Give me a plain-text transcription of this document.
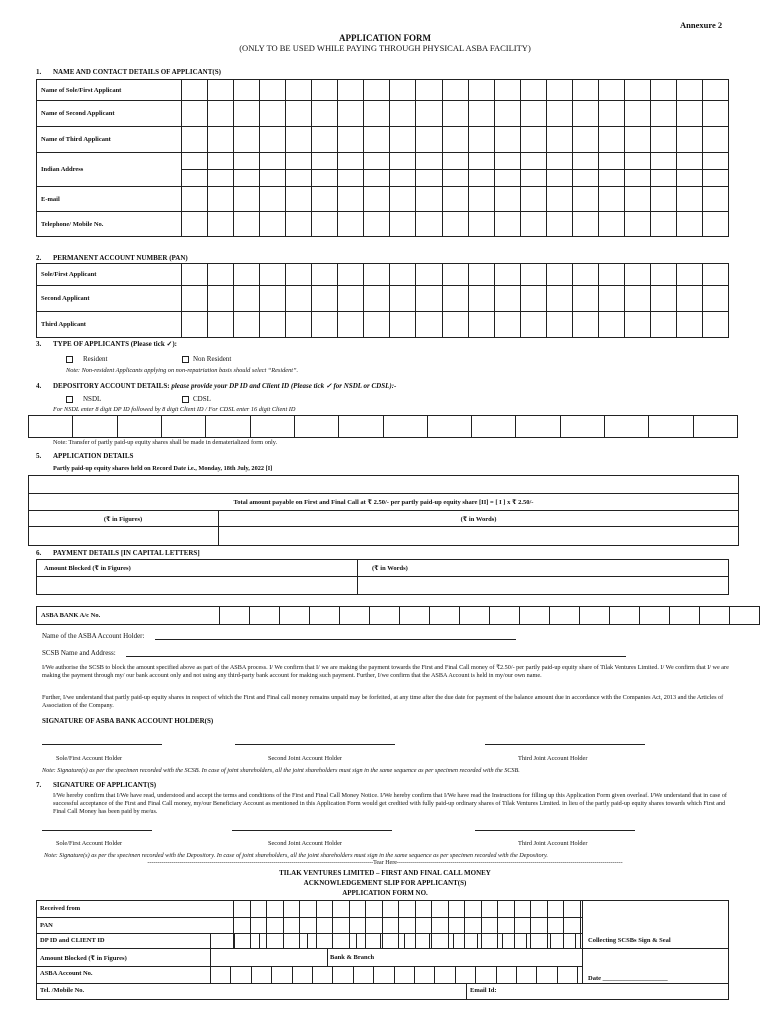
Annexure 2
APPLICATION FORM
(ONLY TO BE USED WHILE PAYING THROUGH PHYSICAL ASBA FACILITY)
1. NAME AND CONTACT DETAILS OF APPLICANT(S)
Name of Sole/First Applicant																					
Name of Second Applicant																					
Name of Third Applicant																					
Indian Address																					

E-mail																					
Telephone/ Mobile No.																					
2. PERMANENT ACCOUNT NUMBER (PAN)
Sole/First Applicant																					
Second Applicant																					
Third Applicant																					
3. TYPE OF APPLICANTS (Please tick ✓):
Resident	Non Resident
Note: Non-resident Applicants applying on non-repatriation basis should select “Resident”.
4. DEPOSITORY ACCOUNT DETAILS: please provide your DP ID and Client ID (Please tick ✓ for NSDL or CDSL):-
NSDL	CDSL
For NSDL enter 8 digit DP ID followed by 8 digit Client ID / For CDSL enter 16 digit Client ID

Note: Transfer of partly paid-up equity shares shall be made in dematerialized form only.
5. APPLICATION DETAILS
Partly paid-up equity shares held on Record Date i.e., Monday, 18th July, 2022 [I]
Total amount payable on First and Final Call at ₹ 2.50/- per partly paid-up equity share [II] = [ I ] x ₹ 2.50/-
(₹ in Figures)	(₹ in Words)
6. PAYMENT DETAILS [IN CAPITAL LETTERS]
Amount Blocked (₹ in Figures)	(₹ in Words)
ASBA BANK A/c No.																		
Name of the ASBA Account Holder:
SCSB Name and Address:
I/We authorise the SCSB to block the amount specified above as part of the ASBA process. I/ We confirm that I/ we are making the payment towards the First and Final Call money of ₹2.50/- per partly paid-up equity share of Tilak Ventures Limited. I/ We confirm that I/ we are making the payment through my/ our bank account only and not using any third-party bank account for making such payment. Further, I/we confirm that the ASBA Account is held in my/our own name.
Further, I/we understand that partly paid-up equity shares in respect of which the First and Final call money remains unpaid may be forfeited, at any time after the due date for payment of the balance amount due in accordance with the Companies Act, 2013 and the Articles of Association of the Company.
SIGNATURE OF ASBA BANK ACCOUNT HOLDER(S)
Sole/First Account Holder	Second Joint Account Holder	Third Joint Account Holder
Note: Signature(s) as per the specimen recorded with the SCSB. In case of joint shareholders, all the joint shareholders must sign in the same sequence as per specimen recorded with the SCSB.
7. SIGNATURE OF APPLICANT(S)
I/We hereby confirm that I/We have read, understood and accept the terms and conditions of the First and Final Call Money Notice. I/We hereby confirm that I/We have read the Instructions for filling up this Application Form given overleaf. I/We understand that in case of successful acceptance of the First and Final Call money, my/our Beneficiary Account as mentioned in this Application Form would get credited with fully paid-up ordinary shares of Tilak Ventures Limited. in lieu of the partly paid-up equity shares towards which First and Final Call Money has been paid by me/us.
Sole/First Account Holder	Second Joint Account Holder	Third Joint Account Holder
Note: Signature(s) as per the specimen recorded with the Depository. In case of joint shareholders, all the joint shareholders must sign in the same sequence as per specimen recorded with the Depository.
-----------------------------------------------------------------------------------------------------------------Tear Here-----------------------------------------------------------------------------------------------------------------
TILAK VENTURES LIMITED – FIRST AND FINAL CALL MONEY
ACKNOWLEDGEMENT SLIP FOR APPLICANT(S)
APPLICATION FORM NO.
Received from
PAN
DP ID and CLIENT ID	Collecting SCSBs Sign & Seal
Amount Blocked (₹ in Figures)	Bank & Branch
ASBA Account No.
Date ____________________
Tel. /Mobile No.	Email Id:
